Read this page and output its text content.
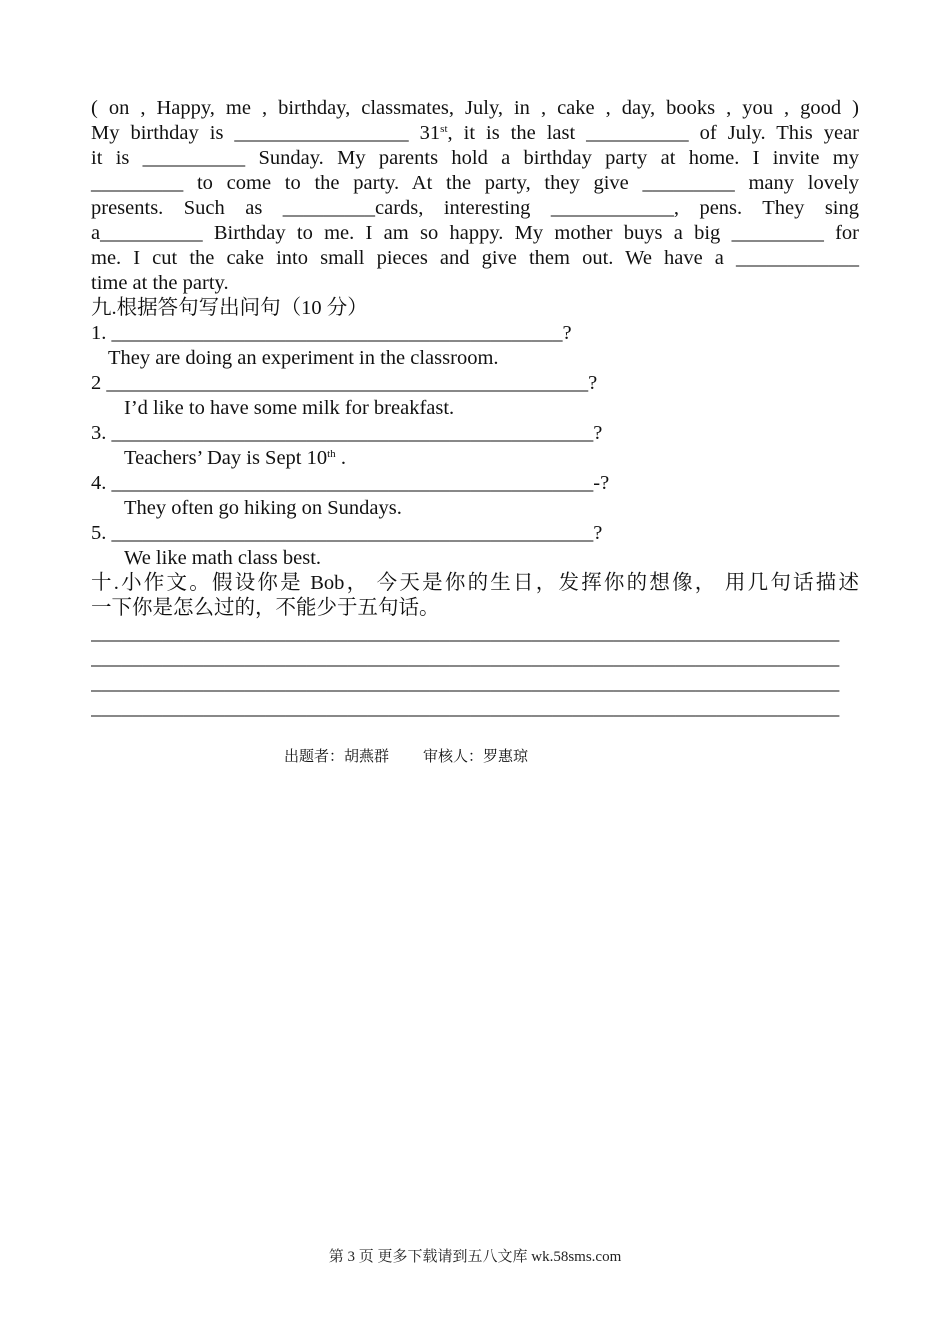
( on , Happy, me , birthday, classmates, July, in , cake , day, books , you , good )
My birthday is _________________ 31st, it is the last __________ of July. This year
it is __________ Sunday. My parents hold a birthday party at home. I invite my
_________ to come to the party. At the party, they give _________ many lovely
presents. Such as _________cards, interesting ____________, pens. They sing
a__________ Birthday to me. I am so happy. My mother buys a big _________ for
me. I cut the cake into small pieces and give them out. We have a ____________
time at the party.
九.根据答句写出问句（10 分）
1. ____________________________________________?
They are doing an experiment in the classroom.
2 _______________________________________________?
I’d like to have some milk for breakfast.
3. _______________________________________________?
Teachers’ Day is Sept 10th .
4. _______________________________________________-?
They often go hiking on Sundays.
5. _______________________________________________?
We like math class best.
十.小作文。假设你是 Bob， 今天是你的生日，发挥你的想像， 用几句话描述
一下你是怎么过的，不能少于五句话。
_________________________________________________________________________
_________________________________________________________________________
_________________________________________________________________________
_________________________________________________________________________
出题者：胡燕群 审核人：罗惠琼
第 3 页 更多下载请到五八文库 wk.58sms.com
